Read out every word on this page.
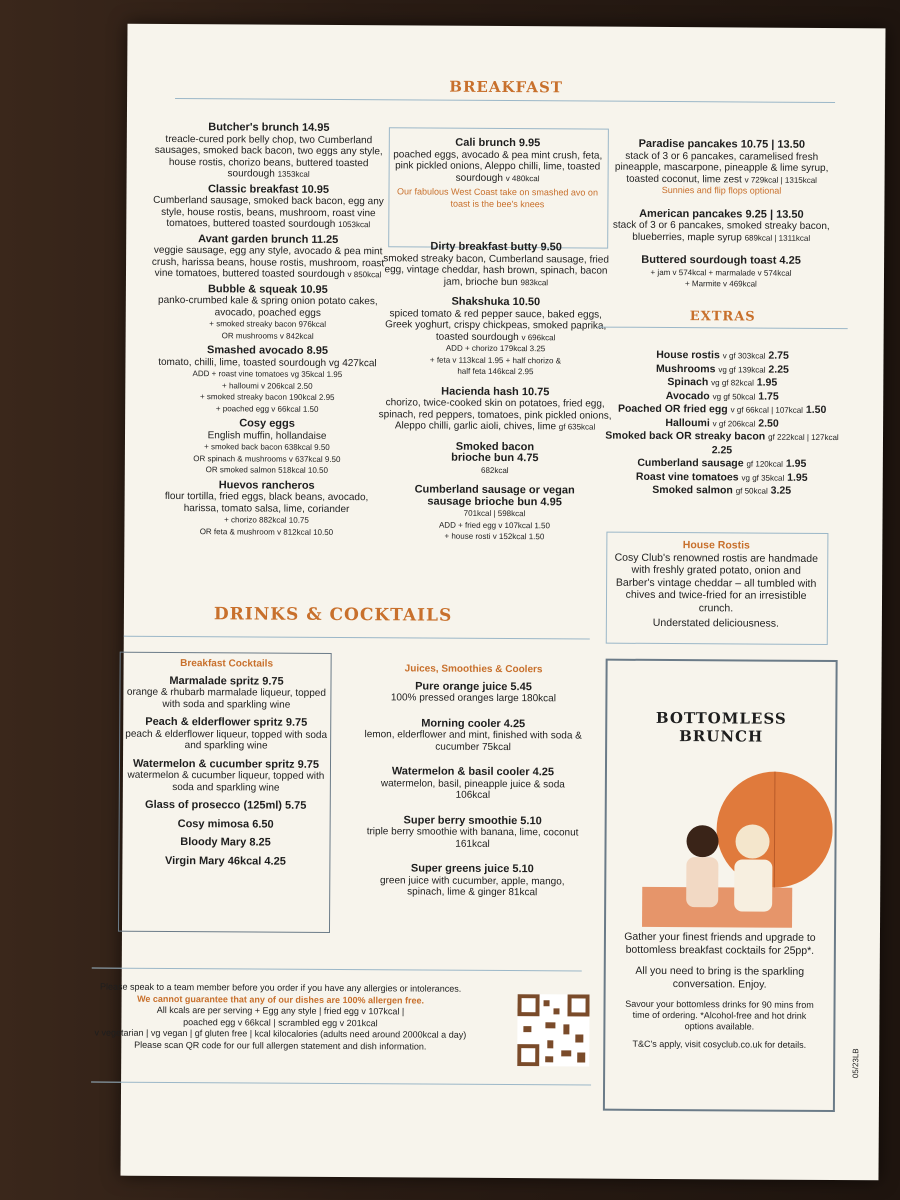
BREAKFAST
Butcher's brunch 14.95
treacle-cured pork belly chop, two Cumberland sausages, smoked back bacon, two eggs any style, house rostis, chorizo beans, buttered toasted sourdough 1353kcal
Classic breakfast 10.95
Cumberland sausage, smoked back bacon, egg any style, house rostis, beans, mushroom, roast vine tomatoes, buttered toasted sourdough 1053kcal
Avant garden brunch 11.25
veggie sausage, egg any style, avocado & pea mint crush, harissa beans, house rostis, mushroom, roast vine tomatoes, buttered toasted sourdough v 850kcal
Bubble & squeak 10.95
panko-crumbed kale & spring onion potato cakes, avocado, poached eggs
+ smoked streaky bacon 976kcal
OR mushrooms v 842kcal
Smashed avocado 8.95
tomato, chilli, lime, toasted sourdough vg 427kcal
ADD + roast vine tomatoes vg 35kcal 1.95
+ halloumi v 206kcal 2.50
+ smoked streaky bacon 190kcal 2.95
+ poached egg v 66kcal 1.50
Cosy eggs
English muffin, hollandaise
+ smoked back bacon 638kcal 9.50
OR spinach & mushrooms v 637kcal 9.50
OR smoked salmon 518kcal 10.50
Huevos rancheros
flour tortilla, fried eggs, black beans, avocado, harissa, tomato salsa, lime, coriander
+ chorizo 882kcal 10.75
OR feta & mushroom v 812kcal 10.50
Cali brunch 9.95
poached eggs, avocado & pea mint crush, feta, pink pickled onions, Aleppo chilli, lime, toasted sourdough v 480kcal
Our fabulous West Coast take on smashed avo on toast is the bee's knees
Dirty breakfast butty 9.50
smoked streaky bacon, Cumberland sausage, fried egg, vintage cheddar, hash brown, spinach, bacon jam, brioche bun 983kcal
Shakshuka 10.50
spiced tomato & red pepper sauce, baked eggs, Greek yoghurt, crispy chickpeas, smoked paprika, toasted sourdough v 696kcal
ADD + chorizo 179kcal 3.25
+ feta v 113kcal 1.95 + half chorizo &
half feta 146kcal 2.95
Hacienda hash 10.75
chorizo, twice-cooked skin on potatoes, fried egg, spinach, red peppers, tomatoes, pink pickled onions, Aleppo chilli, garlic aioli, chives, lime gf 635kcal
Smoked bacon
brioche bun 4.75
682kcal
Cumberland sausage or vegan
sausage brioche bun 4.95
701kcal | 598kcal
ADD + fried egg v 107kcal 1.50
+ house rosti v 152kcal 1.50
Paradise pancakes 10.75 | 13.50
stack of 3 or 6 pancakes, caramelised fresh pineapple, mascarpone, pineapple & lime syrup, toasted coconut, lime zest v 729kcal | 1315kcal
Sunnies and flip flops optional
American pancakes 9.25 | 13.50
stack of 3 or 6 pancakes, smoked streaky bacon, blueberries, maple syrup 689kcal | 1311kcal
Buttered sourdough toast 4.25
+ jam v 574kcal + marmalade v 574kcal
+ Marmite v 469kcal
EXTRAS
House rostis v gf 303kcal 2.75
Mushrooms vg gf 139kcal 2.25
Spinach vg gf 82kcal 1.95
Avocado vg gf 50kcal 1.75
Poached OR fried egg v gf 66kcal | 107kcal 1.50
Halloumi v gf 206kcal 2.50
Smoked back OR streaky bacon gf 222kcal | 127kcal 2.25
Cumberland sausage gf 120kcal 1.95
Roast vine tomatoes vg gf 35kcal 1.95
Smoked salmon gf 50kcal 3.25
House Rostis
Cosy Club's renowned rostis are handmade with freshly grated potato, onion and Barber's vintage cheddar – all tumbled with chives and twice-fried for an irresistible crunch.
Understated deliciousness.
DRINKS & COCKTAILS
Breakfast Cocktails
Marmalade spritz 9.75
orange & rhubarb marmalade liqueur, topped with soda and sparkling wine
Peach & elderflower spritz 9.75
peach & elderflower liqueur, topped with soda and sparkling wine
Watermelon & cucumber spritz 9.75
watermelon & cucumber liqueur, topped with soda and sparkling wine
Glass of prosecco (125ml) 5.75
Cosy mimosa 6.50
Bloody Mary 8.25
Virgin Mary 46kcal 4.25
Juices, Smoothies & Coolers
Pure orange juice 5.45
100% pressed oranges large 180kcal
Morning cooler 4.25
lemon, elderflower and mint, finished with soda & cucumber 75kcal
Watermelon & basil cooler 4.25
watermelon, basil, pineapple juice & soda 106kcal
Super berry smoothie 5.10
triple berry smoothie with banana, lime, coconut 161kcal
Super greens juice 5.10
green juice with cucumber, apple, mango, spinach, lime & ginger 81kcal
BOTTOMLESS
BRUNCH
Gather your finest friends and upgrade to bottomless breakfast cocktails for 25pp*.
All you need to bring is the sparkling conversation. Enjoy.
Savour your bottomless drinks for 90 mins from time of ordering. *Alcohol-free and hot drink options available.
T&C's apply, visit cosyclub.co.uk for details.
Please speak to a team member before you order if you have any allergies or intolerances.
We cannot guarantee that any of our dishes are 100% allergen free.
All kcals are per serving + Egg any style | fried egg v 107kcal |
poached egg v 66kcal | scrambled egg v 201kcal
v vegetarian | vg vegan | gf gluten free | kcal kilocalories (adults need around 2000kcal a day)
Please scan QR code for our full allergen statement and dish information.
05/23LB
